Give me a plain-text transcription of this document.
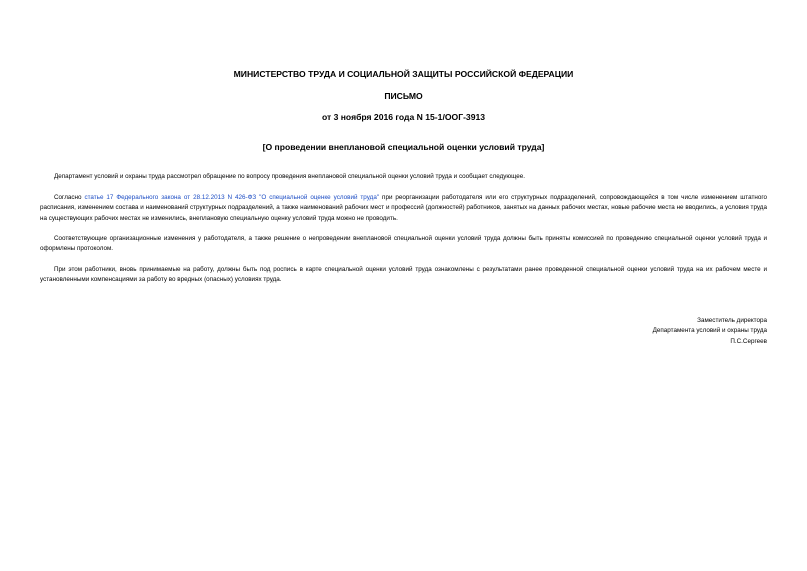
МИНИСТЕРСТВО ТРУДА И СОЦИАЛЬНОЙ ЗАЩИТЫ РОССИЙСКОЙ ФЕДЕРАЦИИ
ПИСЬМО
от 3 ноября 2016 года N 15-1/ООГ-3913
[О проведении внеплановой специальной оценки условий труда]
Департамент условий и охраны труда рассмотрел обращение по вопросу проведения внеплановой специальной оценки условий труда и сообщает следующее.
Согласно статье 17 Федерального закона от 28.12.2013 N 426-ФЗ "О специальной оценке условий труда" при реорганизации работодателя или его структурных подразделений, сопровождающейся в том числе изменением штатного расписания, изменением состава и наименований структурных подразделений, а также наименований рабочих мест и профессий (должностей) работников, занятых на данных рабочих местах, новые рабочие места не вводились, а условия труда на существующих рабочих местах не изменились, внеплановую специальную оценку условий труда можно не проводить.
Соответствующие организационные изменения у работодателя, а также решение о непроведении внеплановой специальной оценки условий труда должны быть приняты комиссией по проведению специальной оценки условий труда и оформлены протоколом.
При этом работники, вновь принимаемые на работу, должны быть под роспись в карте специальной оценки условий труда ознакомлены с результатами ранее проведенной специальной оценки условий труда на их рабочем месте и установленными компенсациями за работу во вредных (опасных) условиях труда.
Заместитель директора
Департамента условий и охраны труда
П.С.Сергеев
